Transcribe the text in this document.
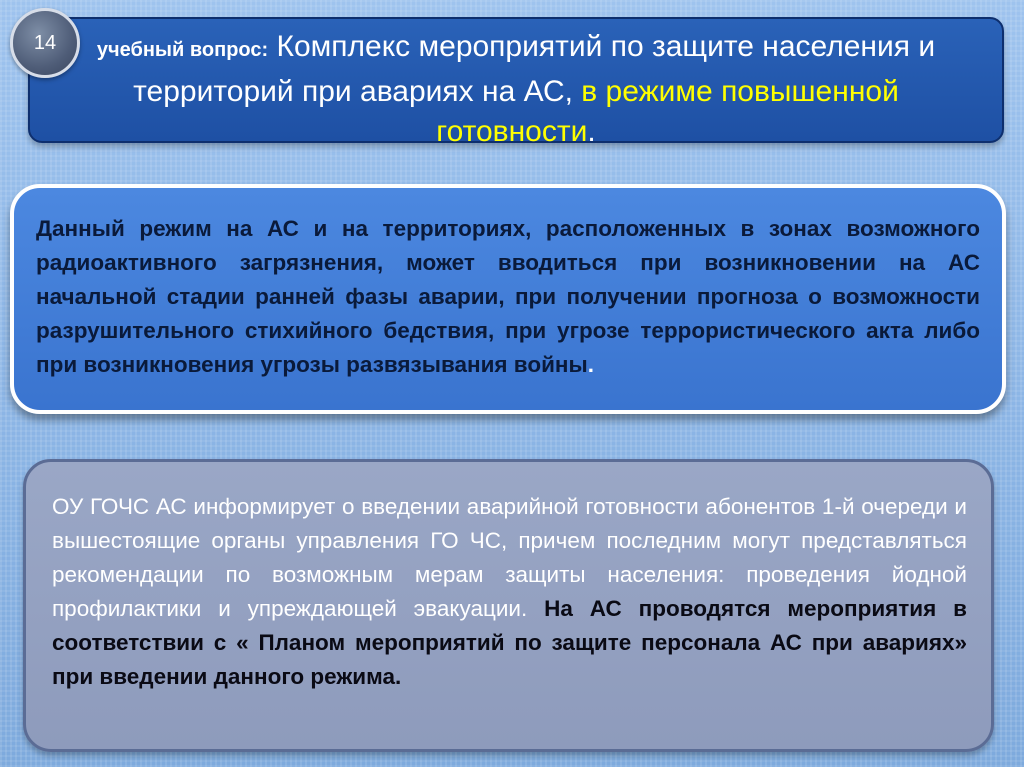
учебный вопрос: Комплекс мероприятий по защите населения и
территорий при авариях на АС, в режиме повышенной
готовности.
14
Данный режим на АС и на территориях, расположенных в зонах возможного радиоактивного загрязнения, может вводиться при возникновении на АС начальной стадии ранней фазы аварии, при получении прогноза о возможности разрушительного стихийного бедствия, при угрозе террористического акта либо при возникновения угрозы развязывания войны.
ОУ ГОЧС АС информирует о введении аварийной готовности абонентов 1-й очереди и вышестоящие органы управления ГО ЧС, причем последним могут представляться рекомендации по возможным мерам защиты населения: проведения йодной профилактики и упреждающей эвакуации. На АС проводятся мероприятия в соответствии с « Планом мероприятий по защите персонала АС при авариях» при введении данного режима.
